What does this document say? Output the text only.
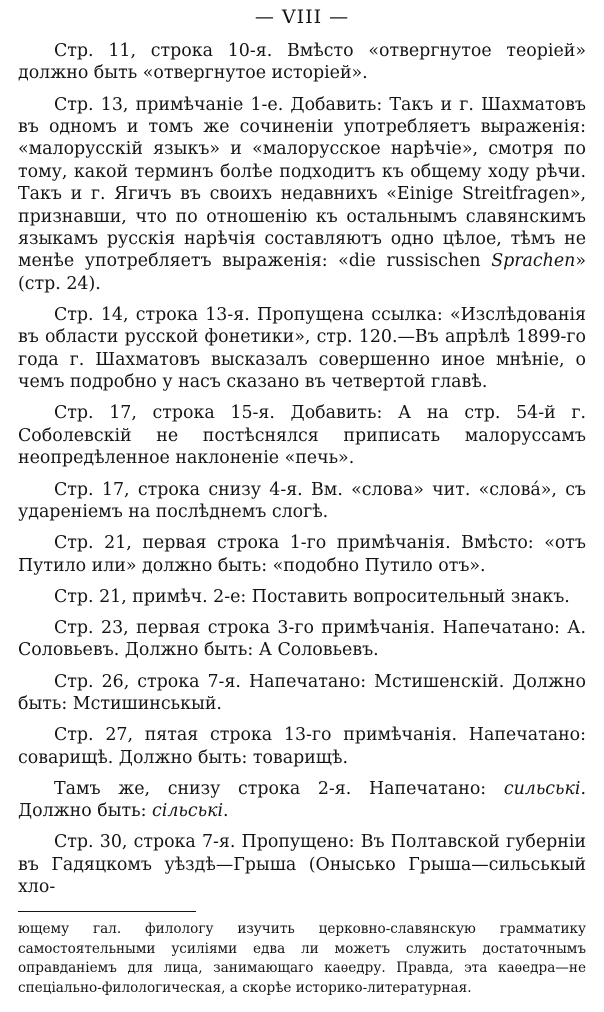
— VIII —

Стр. 11, строка 10-я. Вмѣсто «отвергнутое теоріей» должно быть «отвергнутое исторіей».

Стр. 13, примѣчаніе 1-е. Добавить: Такъ и г. Шахматовъ въ одномъ и томъ же сочиненіи употребляетъ выраженія: «малорусскій языкъ» и «малорусское нарѣчіе», смотря по тому, какой терминъ болѣе подходитъ къ общему ходу рѣчи. Такъ и г. Ягичъ въ своихъ недавнихъ «Einige Streitfragen», признавши, что по отношенію къ остальнымъ славянскимъ языкамъ русскія нарѣчія составляютъ одно цѣлое, тѣмъ не менѣе употребляетъ выраженія: «die russischen Sprachen» (стр. 24).

Стр. 14, строка 13-я. Пропущена ссылка: «Изслѣдованія въ области русской фонетики», стр. 120.—Въ апрѣлѣ 1899-го года г. Шахматовъ высказалъ совершенно иное мнѣніе, о чемъ подробно у насъ сказано въ четвертой главѣ.

Стр. 17, строка 15-я. Добавить: А на стр. 54-й г. Соболевскій не постѣснялся приписать малоруссамъ неопредѣленное наклоненіе «печь».

Стр. 17, строка снизу 4-я. Вм. «слова» чит. «слова́», съ удареніемъ на послѣднемъ слогѣ.

Стр. 21, первая строка 1-го примѣчанія. Вмѣсто: «отъ Путило или» должно быть: «подобно Путило отъ».

Стр. 21, примѣч. 2-е: Поставить вопросительный знакъ.

Стр. 23, первая строка 3-го примѣчанія. Напечатано: А. Соловьевъ. Должно быть: А Соловьевъ.

Стр. 26, строка 7-я. Напечатано: Мстишенскій. Должно быть: Мстишинськый.

Стр. 27, пятая строка 13-го примѣчанія. Напечатано: соварищѣ. Должно быть: товарищѣ.

Тамъ же, снизу строка 2-я. Напечатано: сильські. Должно быть: сільські.

Стр. 30, строка 7-я. Пропущено: Въ Полтавской губерніи въ Гадяцкомъ уѣздѣ—Грыша (Онысько Грыша—сильськый хло-

ющему гал. филологу изучить церковно-славянскую грамматику самостоятельными усиліями едва ли можетъ служить достаточнымъ оправданіемъ для лица, занимающаго каѳедру. Правда, эта каѳедра—не спеціально-филологическая, а скорѣе историко-литературная.
